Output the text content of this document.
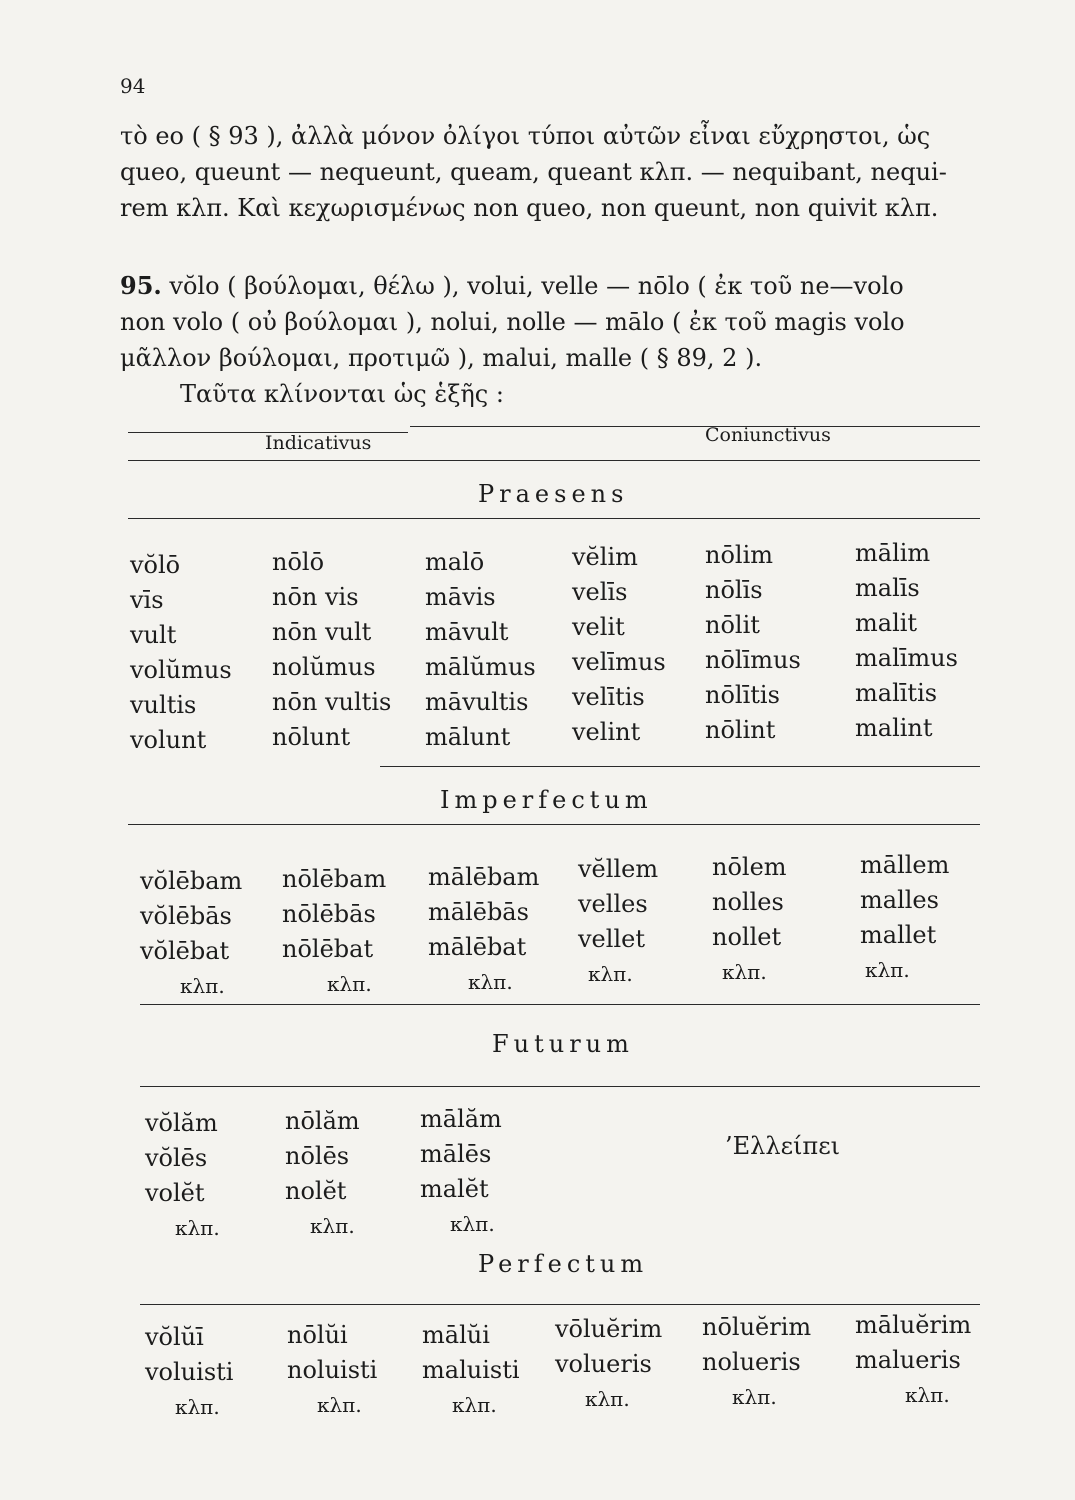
94
τὸ eo ( § 93 ), ἀλλὰ μόνον ὀλίγοι τύποι αὐτῶν εἶναι εὔχρηστοι, ὡς
queo, queunt — nequeunt, queam, queant κλπ. — nequibant, nequi-
rem κλπ. Καὶ κεχωρισμένως non queo, non queunt, non quivit κλπ.
95. vŏlo ( βούλομαι, θέλω ), volui, velle — nōlo ( ἐκ τοῦ ne—volo
non volo ( οὐ βούλομαι ), nolui, nolle — mālo ( ἐκ τοῦ magis volo
μᾶλλον βούλομαι, προτιμῶ ), malui, malle ( § 89, 2 ).
Ταῦτα κλίνονται ὡς ἑξῆς :
Indicativus	Coniunctivus
Praesens
vŏlō
vīs
vult
volŭmus
vultis
volunt
nōlō
nōn vis
nōn vult
nolŭmus
nōn vultis
nōlunt
malō
māvis
māvult
mālŭmus
māvultis
mālunt
vĕlim
velīs
velit
velīmus
velītis
velint
nōlim
nōlīs
nōlit
nōlīmus
nōlītis
nōlint
mālim
malīs
malit
malīmus
malītis
malint
Imperfectum
vŏlēbam
vŏlēbās
vŏlēbat
κλπ.
nōlēbam
nōlēbās
nōlēbat
κλπ.
mālēbam
mālēbās
mālēbat
κλπ.
vĕllem
velles
vellet
κλπ.
nōlem
nolles
nollet
κλπ.
māllem
malles
mallet
κλπ.
Futurum
vŏlăm
vŏlēs
volĕt
κλπ.
nōlăm
nōlēs
nolĕt
κλπ.
mālăm
mālēs
malĕt
κλπ.
’Ελλείπει
Perfectum
vŏlŭī
voluisti
κλπ.
nōlŭi
noluisti
κλπ.
mālŭi
maluisti
κλπ.
vōluĕrim
volueris
κλπ.
nōluĕrim
nolueris
κλπ.
māluĕrim
malueris
κλπ.
